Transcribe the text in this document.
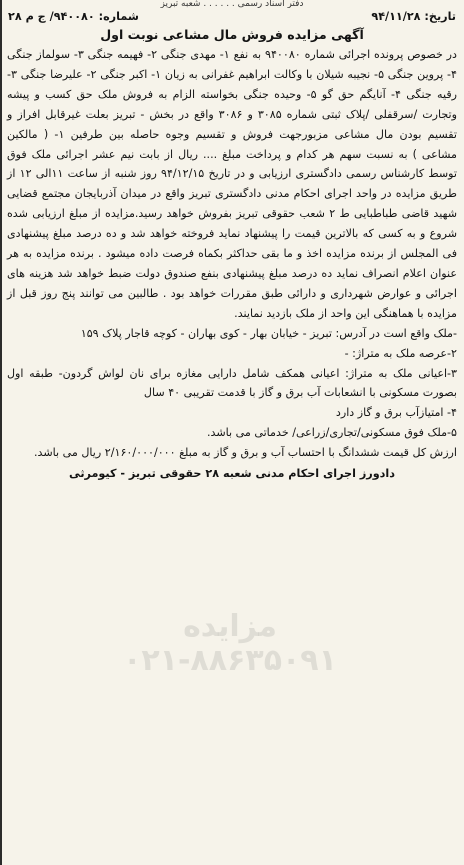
دفتر اسناد رسمی . . . . . . شعبه تبریز
تاریخ: ۹۴/۱۱/۲۸
شماره: ۹۴۰۰۸۰/ ج م ۲۸
آگهی مزایده فروش مال مشاعی نوبت اول

در خصوص پرونده اجرائی شماره ۹۴۰۰۸۰ به نفع ۱- مهدی جنگی ۲- فهیمه جنگی ۳- سولماز جنگی ۴- پروین جنگی ۵- نجیبه شیلان با وکالت ابراهیم غفرانی به زیان ۱- اکبر جنگی ۲- علیرضا جنگی ۳- رقیه جنگی ۴- آنایگم حق گو ۵- وحیده جنگی بخواسته الزام به فروش ملک حق کسب و پیشه وتجارت /سرقفلی /پلاک ثبتی شماره ۳۰۸۵ و ۳۰۸۶ واقع در بخش - تبریز بعلت غیرقابل افراز و تقسیم بودن مال مشاعی مزبورجهت فروش و تقسیم وجوه حاصله بین طرفین ۱- ( مالکین مشاعی ) به نسبت سهم هر کدام و پرداخت مبلغ .... ریال از بابت نیم عشر اجرائی ملک فوق توسط کارشناس رسمی دادگستری ارزیابی و در تاریخ ۹۴/۱۲/۱۵ روز شنبه از ساعت ۱۱الی ۱۲ از طریق مزایده در واحد اجرای احکام مدنی دادگستری تبریز واقع در میدان آذربایجان مجتمع قضایی شهید قاضی طباطبایی ط ۲ شعب حقوقی تبریز بفروش خواهد رسید.مزایده از مبلغ ارزیابی شده شروع و به کسی که بالاترین قیمت را پیشنهاد نماید فروخته خواهد شد و ده درصد مبلغ پیشنهادی فی المجلس از برنده مزایده اخذ و ما بقی حداکثر بکماه فرصت داده میشود . برنده مزایده به هر عنوان اعلام انصراف نماید ده درصد مبلغ پیشنهادی بنفع صندوق دولت ضبط خواهد شد هزینه های اجرائی و عوارض شهرداری و دارائی طبق مقررات خواهد بود . طالبین می توانند پنج روز قبل از مزایده با هماهنگی این واحد از ملک بازدید نمایند.

-ملک واقع است در آدرس: تبریز - خیابان بهار - کوی بهاران - کوچه قاجار پلاک ۱۵۹

۲-عرصه ملک به متراژ: -

۳-اعیانی ملک به متراژ: اعیانی همکف شامل دارایی مغازه برای نان لواش گردون- طبقه اول بصورت مسکونی با انشعابات آب برق و گاز با قدمت تقریبی ۴۰ سال

۴- امتیازآب برق و گاز دارد

۵-ملک فوق مسکونی/تجاری/زراعی/ خدماتی می باشد.

ارزش کل قیمت ششدانگ با احتساب آب و برق و گاز به مبلغ ۲/۱۶۰/۰۰۰/۰۰۰ ریال می باشد.

دادورز اجرای احکام مدنی شعبه ۲۸ حقوقی تبریز - کیومرثی
مزایده
۰۲۱-۸۸۶۳۵۰۹۱
